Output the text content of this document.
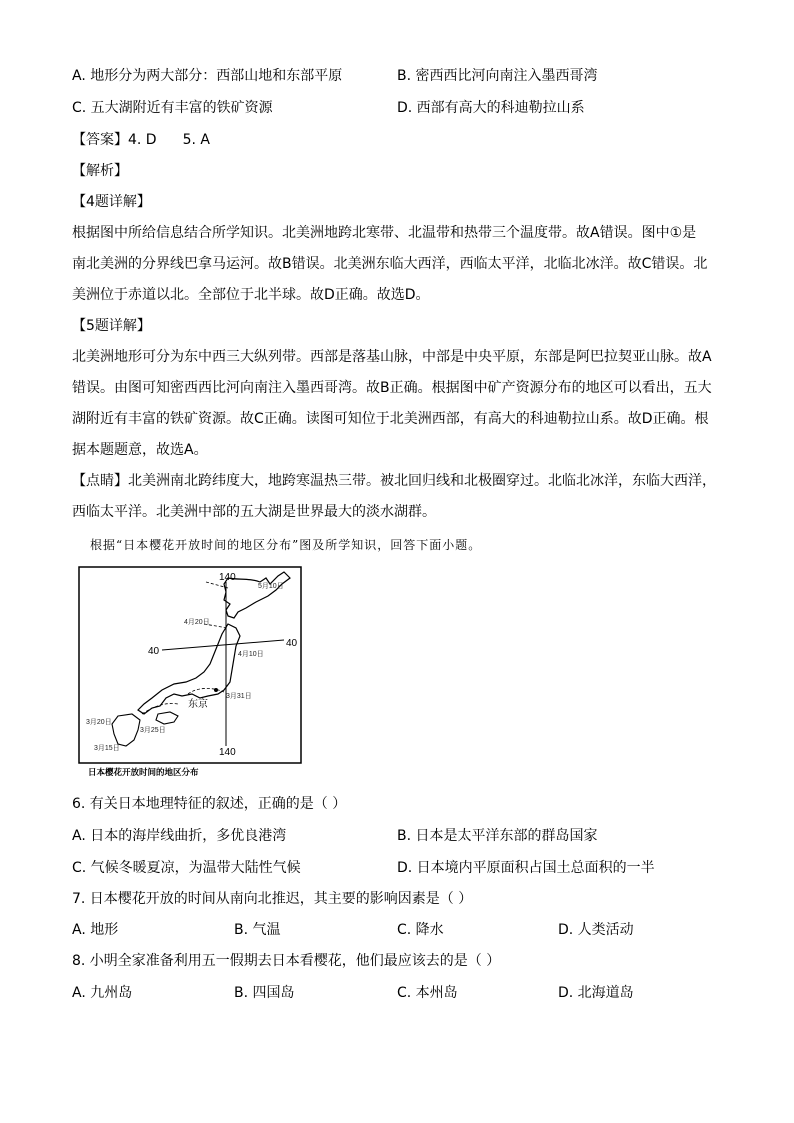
A. 地形分为两大部分：西部山地和东部平原	B. 密西西比河向南注入墨西哥湾
C. 五大湖附近有丰富的铁矿资源	D. 西部有高大的科迪勒拉山系
【答案】4. D 5. A
【解析】
【4题详解】
根据图中所给信息结合所学知识。北美洲地跨北寒带、北温带和热带三个温度带。故A错误。图中①是
南北美洲的分界线巴拿马运河。故B错误。北美洲东临大西洋，西临太平洋，北临北冰洋。故C错误。北
美洲位于赤道以北。全部位于北半球。故D正确。故选D。
【5题详解】
北美洲地形可分为东中西三大纵列带。西部是落基山脉，中部是中央平原，东部是阿巴拉契亚山脉。故A
错误。由图可知密西西比河向南注入墨西哥湾。故B正确。根据图中矿产资源分布的地区可以看出，五大
湖附近有丰富的铁矿资源。故C正确。读图可知位于北美洲西部，有高大的科迪勒拉山系。故D正确。根
据本题题意，故选A。
【点睛】北美洲南北跨纬度大，地跨寒温热三带。被北回归线和北极圈穿过。北临北冰洋，东临大西洋，
西临太平洋。北美洲中部的五大湖是世界最大的淡水湖群。
根据“日本樱花开放时间的地区分布”图及所学知识，回答下面小题。
140
140
40
40
东京
5月10日
4月20日
4月10日
3月31日
3月20日
3月25日
3月15日
日本樱花开放时间的地区分布
6. 有关日本地理特征的叙述，正确的是（ ）
A. 日本的海岸线曲折，多优良港湾	B. 日本是太平洋东部的群岛国家
C. 气候冬暖夏凉，为温带大陆性气候	D. 日本境内平原面积占国土总面积的一半
7. 日本樱花开放的时间从南向北推迟，其主要的影响因素是（ ）
A. 地形	B. 气温	C. 降水	D. 人类活动
8. 小明全家准备利用五一假期去日本看樱花，他们最应该去的是（ ）
A. 九州岛	B. 四国岛	C. 本州岛	D. 北海道岛
